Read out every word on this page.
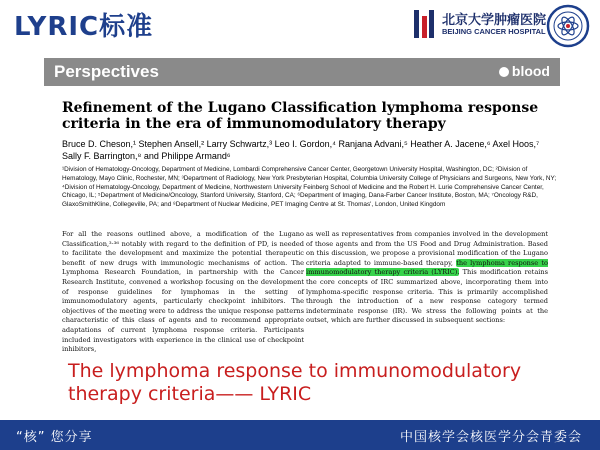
LYRIC标准	北京大学肿瘤医院
BEIJING CANCER HOSPITAL
Perspectives	blood
Refinement of the Lugano Classification lymphoma response criteria in the era of immunomodulatory therapy

Bruce D. Cheson,¹ Stephen Ansell,² Larry Schwartz,³ Leo I. Gordon,⁴ Ranjana Advani,⁵ Heather A. Jacene,⁶ Axel Hoos,⁷ Sally F. Barrington,⁸ and Philippe Armand⁶

¹Division of Hematology-Oncology, Department of Medicine, Lombardi Comprehensive Cancer Center, Georgetown University Hospital, Washington, DC; ²Division of Hematology, Mayo Clinic, Rochester, MN; ³Department of Radiology, New York Presbyterian Hospital, Columbia University College of Physicians and Surgeons, New York, NY; ⁴Division of Hematology-Oncology, Department of Medicine, Northwestern University Feinberg School of Medicine and the Robert H. Lurie Comprehensive Cancer Center, Chicago, IL; ⁵Department of Medicine/Oncology, Stanford University, Stanford, CA; ⁶Department of Imaging, Dana-Farber Cancer Institute, Boston, MA; ⁷Oncology R&D, GlaxoSmithKline, Collegeville, PA; and ⁸Department of Nuclear Medicine, PET Imaging Centre at St. Thomas', London, United Kingdom

For all the reasons outlined above, a modification of the Lugano Classification,³·³⁶ notably with regard to the definition of PD, is needed to facilitate the development and maximize the potential therapeutic benefit of new drugs with immunologic mechanisms of action. The Lymphoma Research Foundation, in partnership with the Cancer Research Institute, convened a workshop focusing on the development of response guidelines for lymphomas in the setting of immunomodulatory agents, particularly checkpoint inhibitors. The objectives of the meeting were to address the unique response patterns characteristic of this class of agents and to recommend appropriate adaptations of current lymphoma response criteria. Participants included investigators with experience in the clinical use of checkpoint inhibitors,

as well as representatives from companies involved in the development of those agents and from the US Food and Drug Administration. Based on this discussion, we propose a provisional modification of the Lugano criteria adapted to immune-based therapy, the lymphoma response to immunomodulatory therapy criteria (LYRIC). This modification retains the core concepts of IRC summarized above, incorporating them into lymphoma-specific response criteria. This is primarily accomplished through the introduction of a new response category termed indeterminate response (IR). We stress the following points at the outset, which are further discussed in subsequent sections:

The lymphoma response to immunomodulatory
therapy criteria—— LYRIC
“核” 您分享	中国核学会核医学分会青委会
